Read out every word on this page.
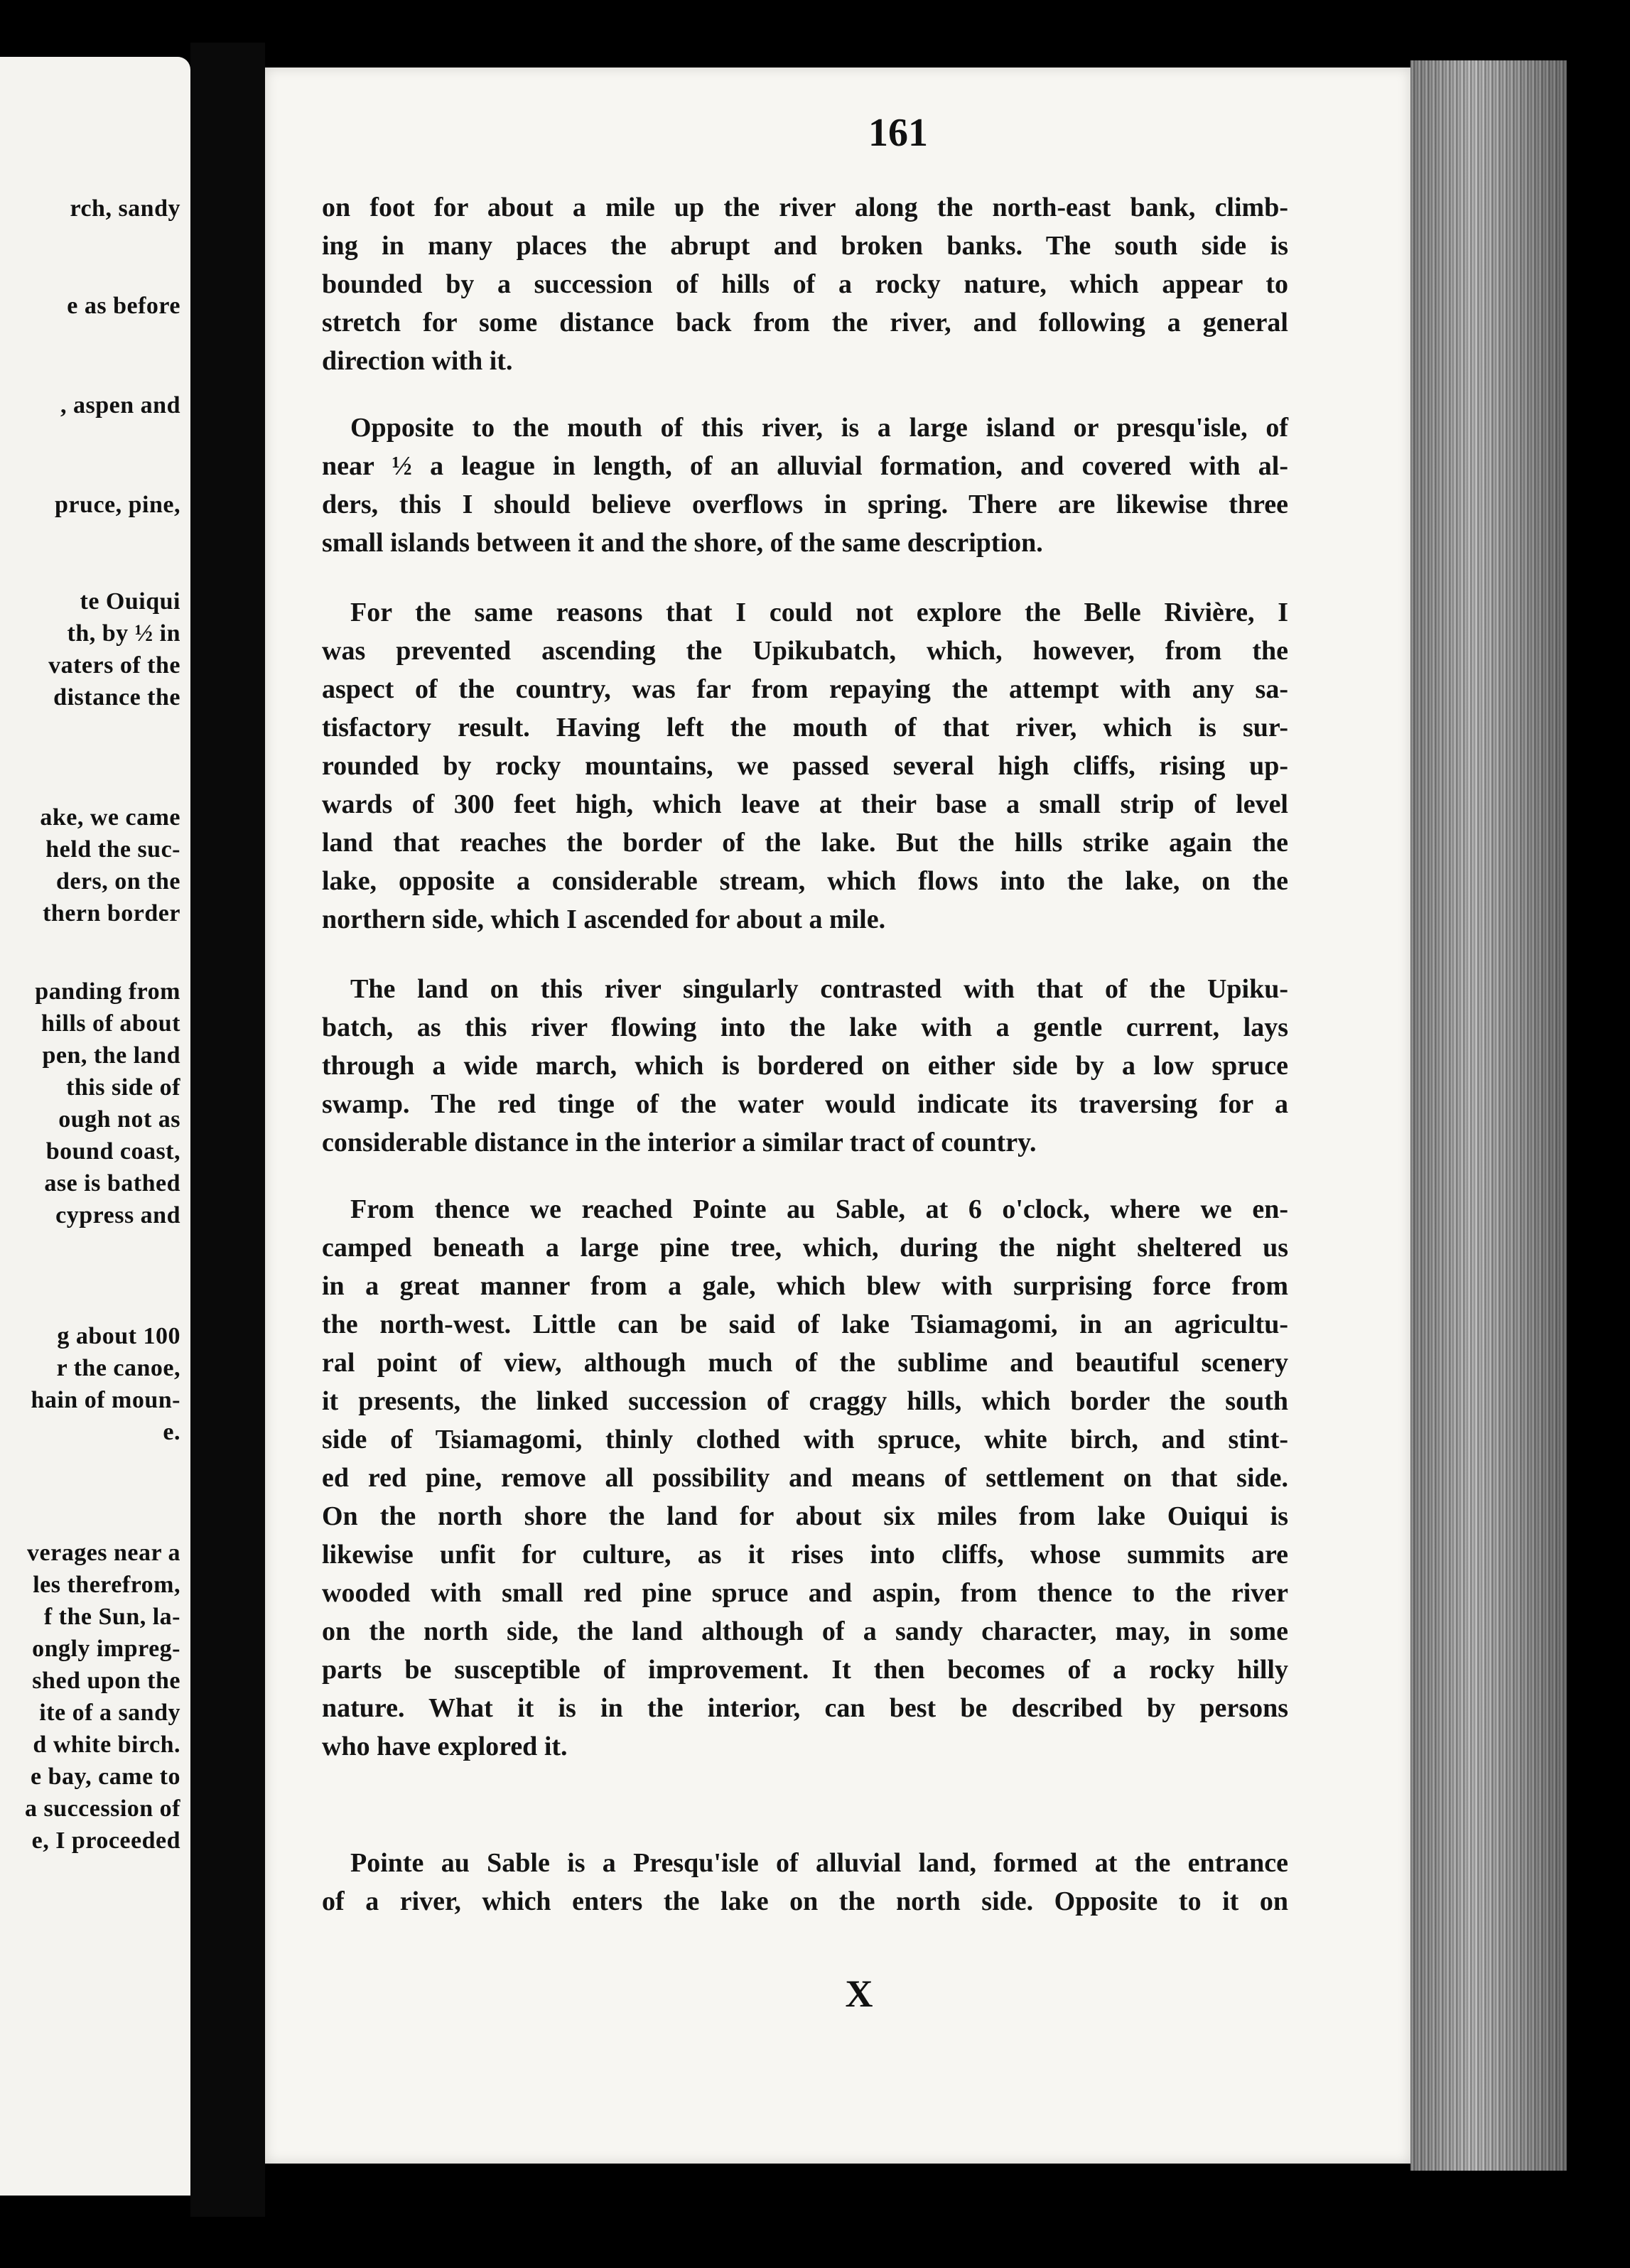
rch, sandy
e as before
, aspen and
pruce, pine,
te Ouiqui
th, by ½ in
vaters of the
distance the
ake, we came
held the suc-
ders, on the
thern border
panding from
hills of about
pen, the land
this side of
ough not as
bound coast,
ase is bathed
cypress and
g about 100
r the canoe,
hain of moun-
e.
verages near a
les therefrom,
f the Sun, la-
ongly impreg-
shed upon the
ite of a sandy
d white birch.
e bay, came to
a succession of
e, I proceeded
161
on foot for about a mile up the river along the north-east bank, climb-
ing in many places the abrupt and broken banks. The south side is
bounded by a succession of hills of a rocky nature, which appear to
stretch for some distance back from the river, and following a general
direction with it.
Opposite to the mouth of this river, is a large island or presqu'isle, of
near ½ a league in length, of an alluvial formation, and covered with al-
ders, this I should believe overflows in spring. There are likewise three
small islands between it and the shore, of the same description.
For the same reasons that I could not explore the Belle Rivière, I
was prevented ascending the Upikubatch, which, however, from the
aspect of the country, was far from repaying the attempt with any sa-
tisfactory result. Having left the mouth of that river, which is sur-
rounded by rocky mountains, we passed several high cliffs, rising up-
wards of 300 feet high, which leave at their base a small strip of level
land that reaches the border of the lake. But the hills strike again the
lake, opposite a considerable stream, which flows into the lake, on the
northern side, which I ascended for about a mile.
The land on this river singularly contrasted with that of the Upiku-
batch, as this river flowing into the lake with a gentle current, lays
through a wide march, which is bordered on either side by a low spruce
swamp. The red tinge of the water would indicate its traversing for a
considerable distance in the interior a similar tract of country.
From thence we reached Pointe au Sable, at 6 o'clock, where we en-
camped beneath a large pine tree, which, during the night sheltered us
in a great manner from a gale, which blew with surprising force from
the north-west. Little can be said of lake Tsiamagomi, in an agricultu-
ral point of view, although much of the sublime and beautiful scenery
it presents, the linked succession of craggy hills, which border the south
side of Tsiamagomi, thinly clothed with spruce, white birch, and stint-
ed red pine, remove all possibility and means of settlement on that side.
On the north shore the land for about six miles from lake Ouiqui is
likewise unfit for culture, as it rises into cliffs, whose summits are
wooded with small red pine spruce and aspin, from thence to the river
on the north side, the land although of a sandy character, may, in some
parts be susceptible of improvement. It then becomes of a rocky hilly
nature. What it is in the interior, can best be described by persons
who have explored it.
Pointe au Sable is a Presqu'isle of alluvial land, formed at the entrance
of a river, which enters the lake on the north side. Opposite to it on
X
